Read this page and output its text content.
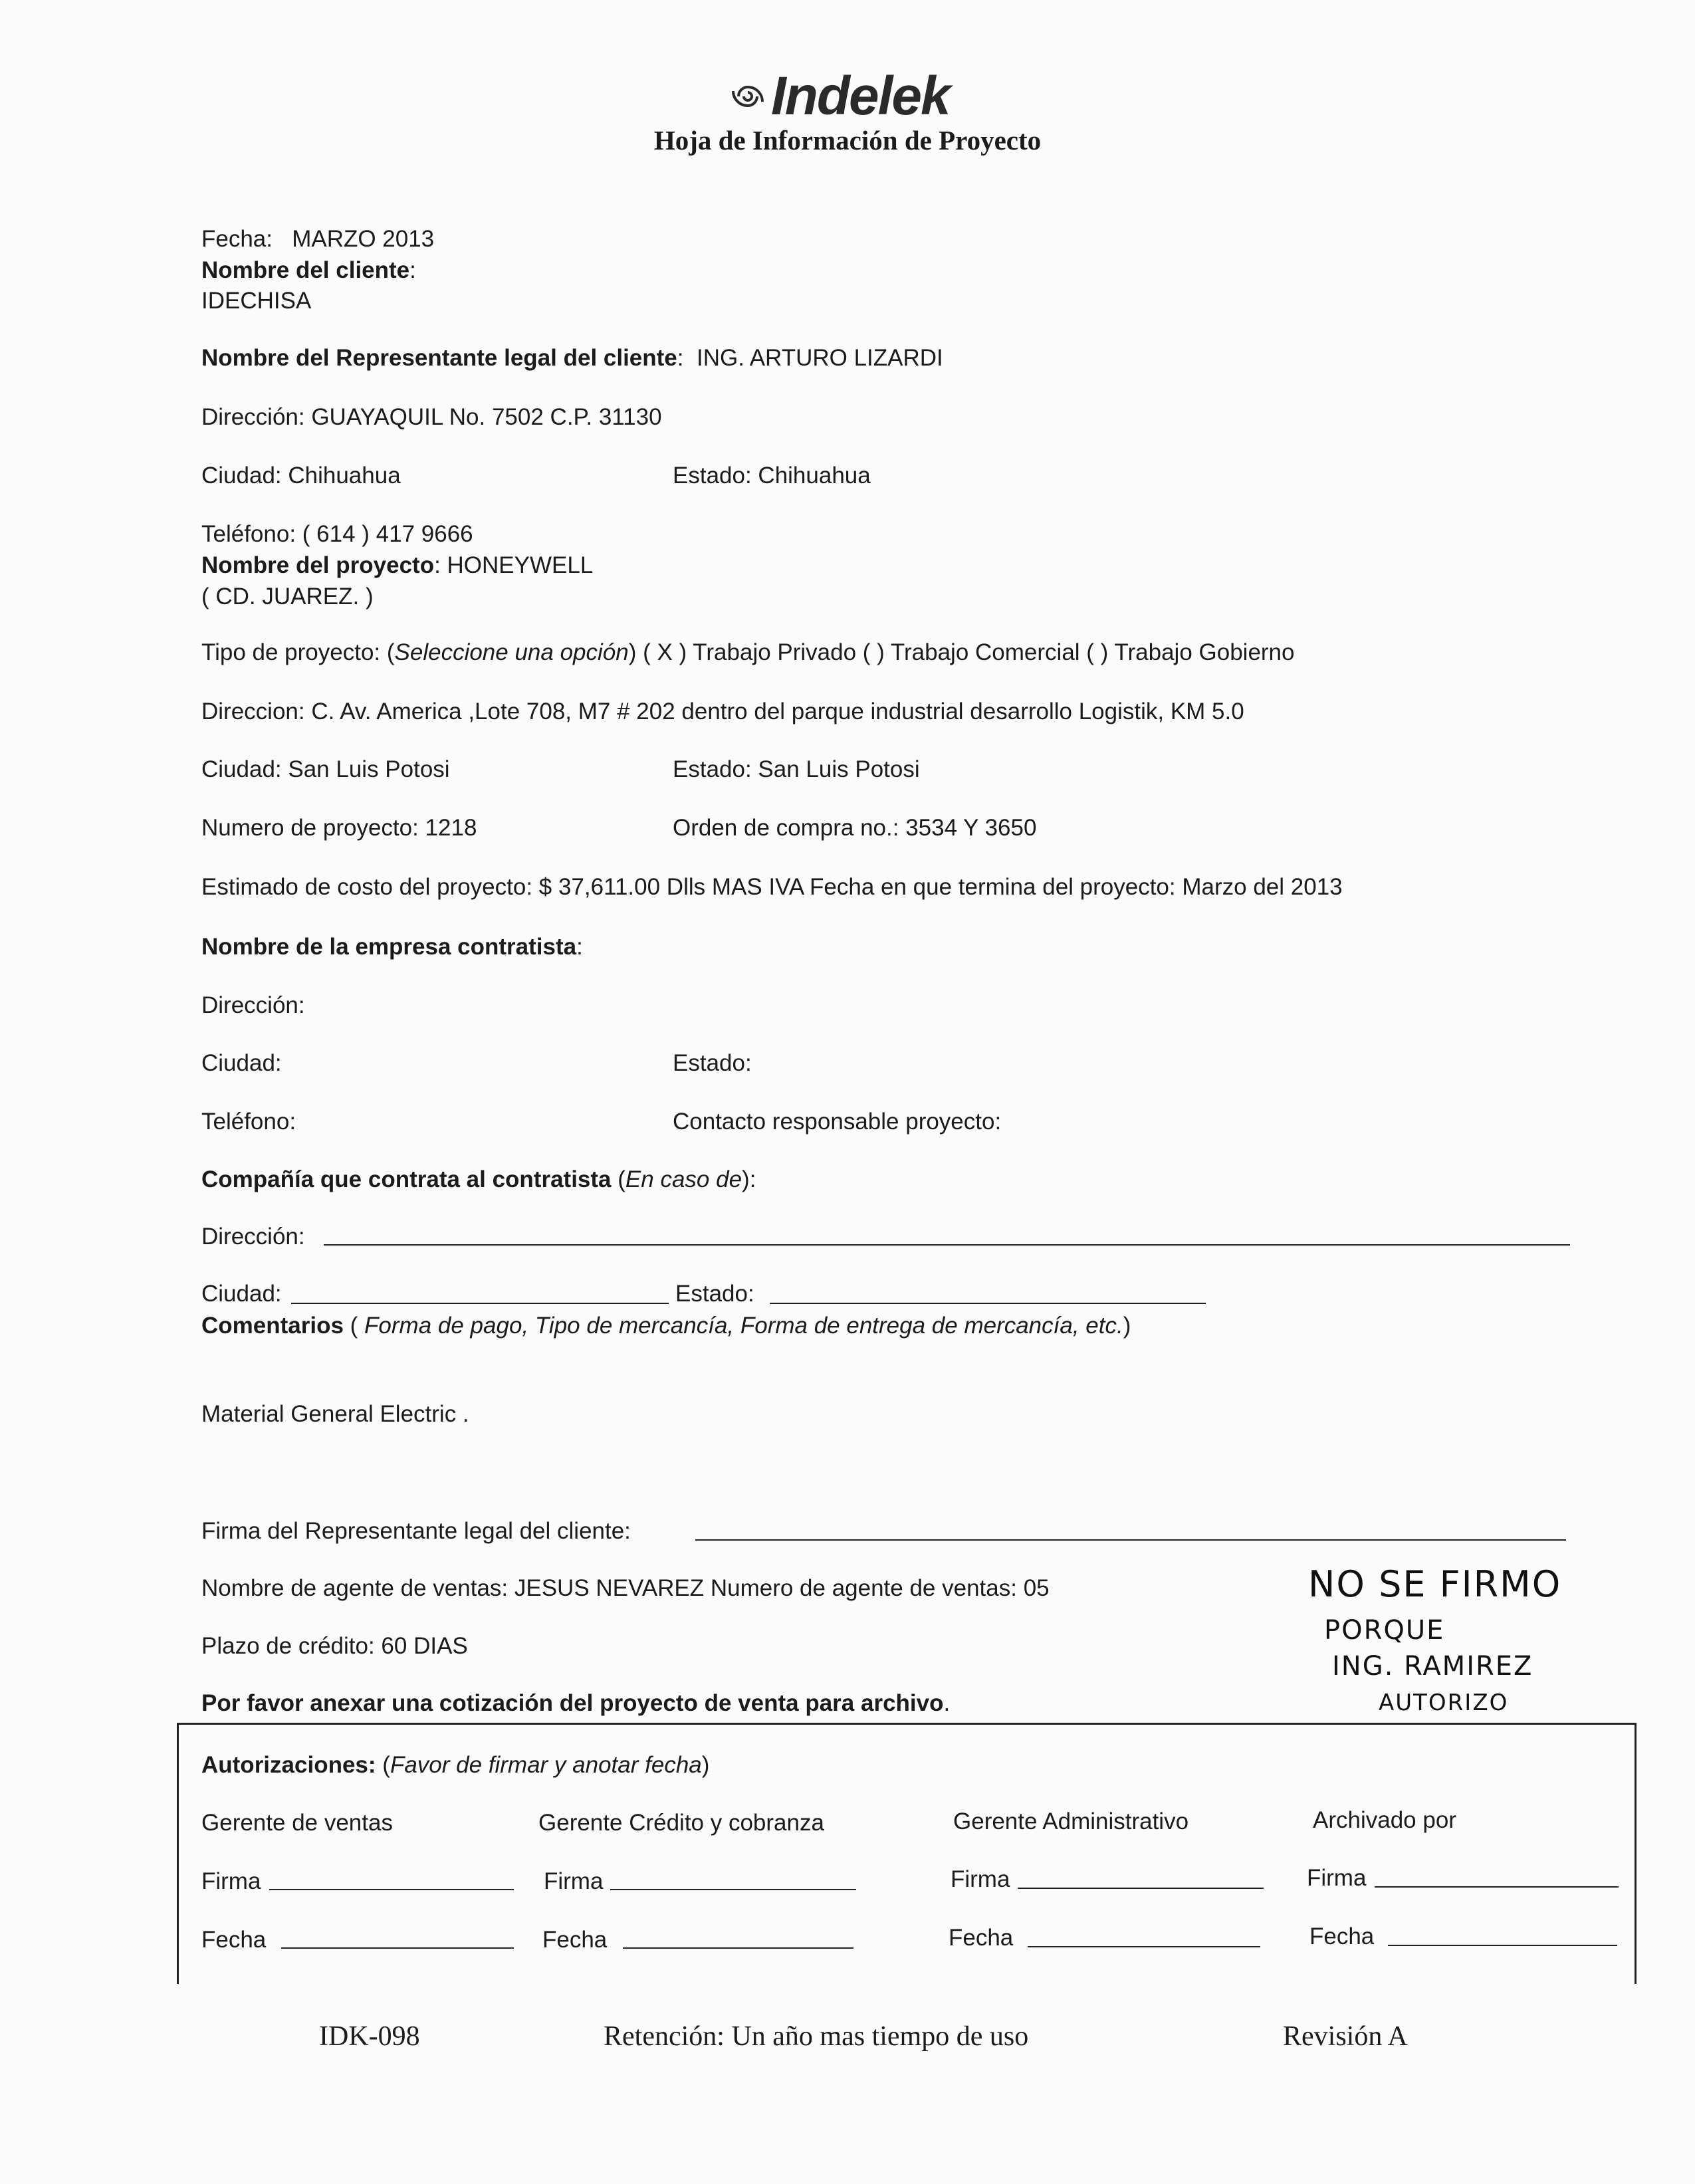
Indelek
Hoja de Información de Proyecto
Fecha: MARZO 2013
Nombre del cliente:
IDECHISA
Nombre del Representante legal del cliente: ING. ARTURO LIZARDI
Dirección: GUAYAQUIL No. 7502 C.P. 31130
Ciudad: Chihuahua	Estado: Chihuahua
Teléfono: ( 614 ) 417 9666
Nombre del proyecto: HONEYWELL
( CD. JUAREZ. )
Tipo de proyecto: (Seleccione una opción) ( X ) Trabajo Privado ( ) Trabajo Comercial ( ) Trabajo Gobierno
Direccion: C. Av. America ,Lote 708, M7 # 202 dentro del parque industrial desarrollo Logistik, KM 5.0
Ciudad: San Luis Potosi	Estado: San Luis Potosi
Numero de proyecto: 1218	Orden de compra no.: 3534 Y 3650
Estimado de costo del proyecto: $ 37,611.00 Dlls MAS IVA Fecha en que termina del proyecto: Marzo del 2013
Nombre de la empresa contratista:
Dirección:
Ciudad:	Estado:
Teléfono:	Contacto responsable proyecto:
Compañía que contrata al contratista (En caso de):
Dirección:
Ciudad:	Estado:
Comentarios ( Forma de pago, Tipo de mercancía, Forma de entrega de mercancía, etc.)
Material General Electric .
Firma del Representante legal del cliente:
Nombre de agente de ventas: JESUS NEVAREZ Numero de agente de ventas: 05
Plazo de crédito: 60 DIAS
Por favor anexar una cotización del proyecto de venta para archivo.
NO SE FIRMO
PORQUE
ING. RAMIREZ
AUTORIZO
Autorizaciones: (Favor de firmar y anotar fecha)
Gerente de ventas
Firma
Fecha
Gerente Crédito y cobranza
Firma
Fecha
Gerente Administrativo
Firma
Fecha
Archivado por
Firma
Fecha
IDK-098	Retención: Un año mas tiempo de uso	Revisión A
